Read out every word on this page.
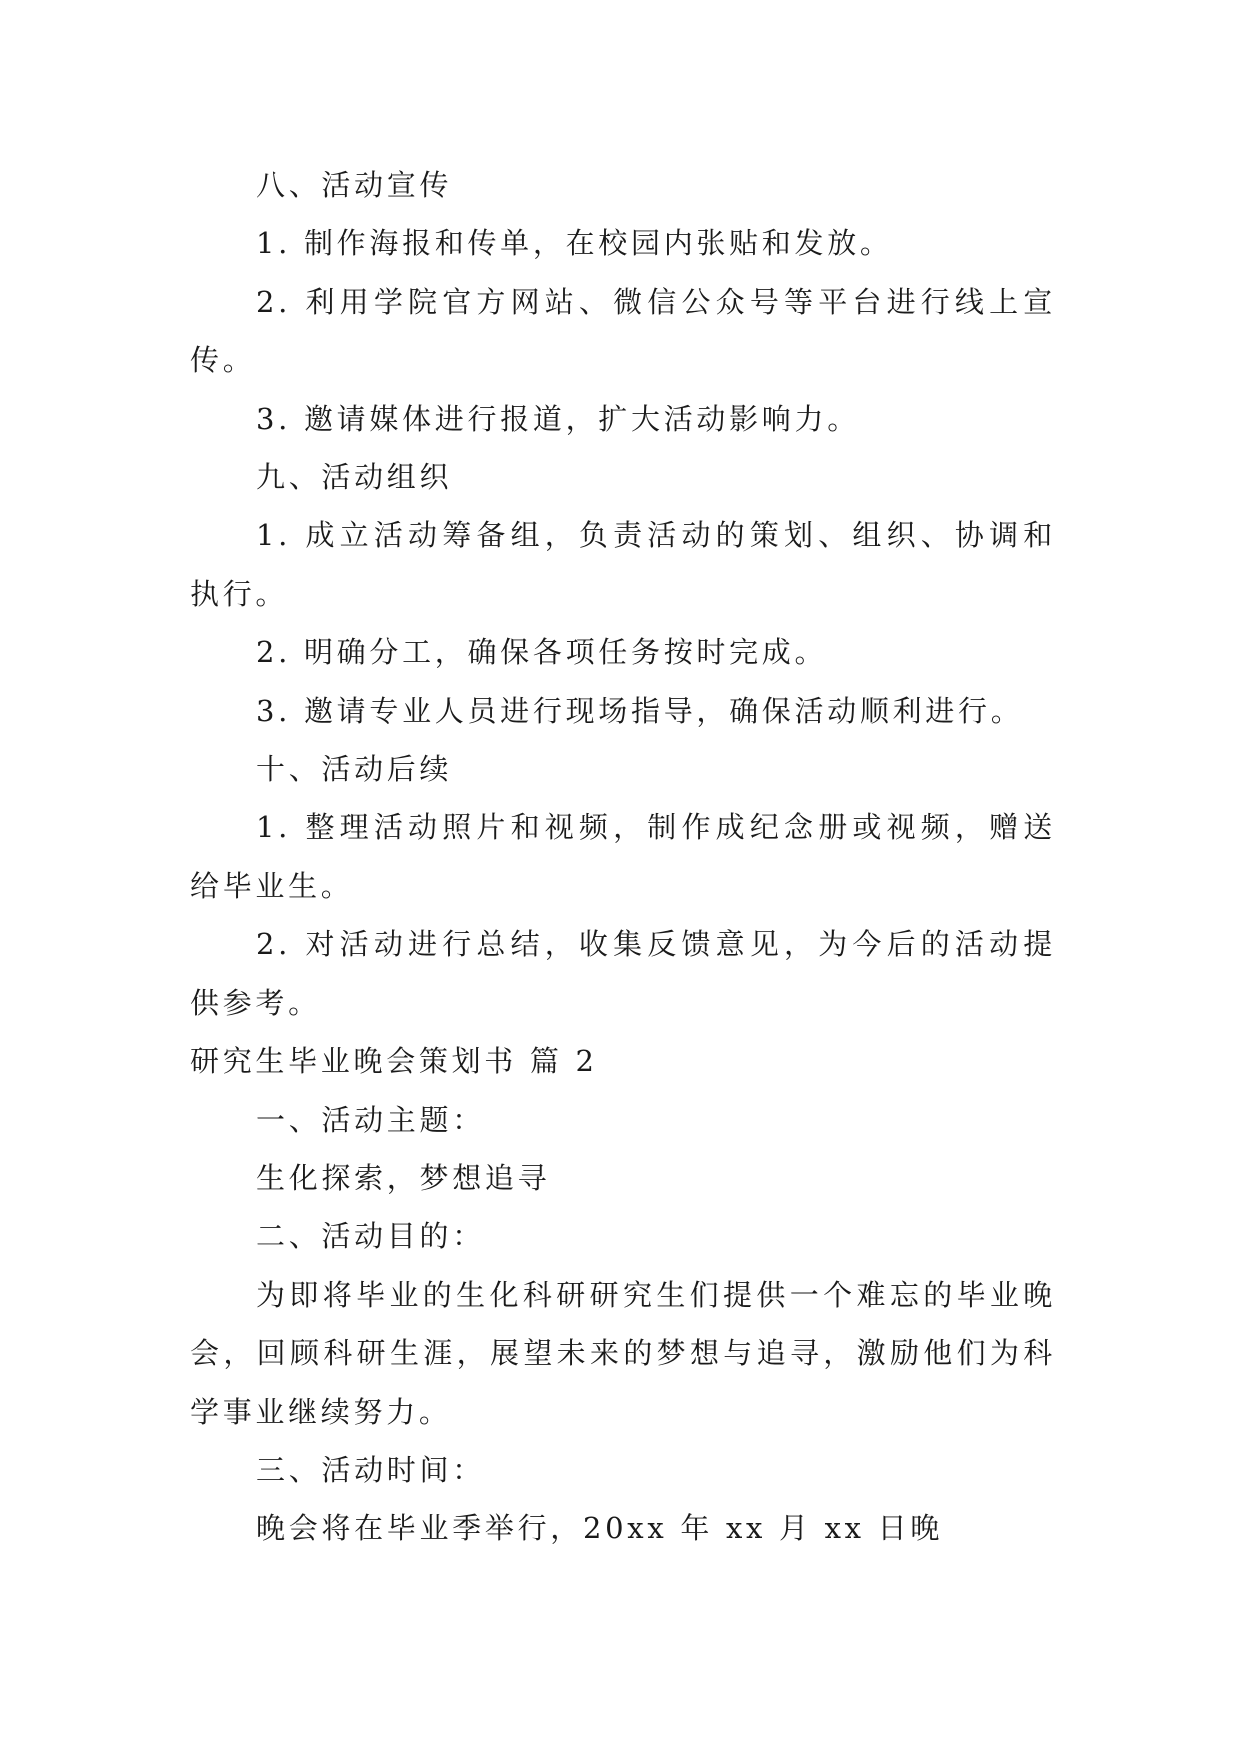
八、活动宣传

1. 制作海报和传单，在校园内张贴和发放。

2. 利用学院官方网站、微信公众号等平台进行线上宣传。

3. 邀请媒体进行报道，扩大活动影响力。

九、活动组织

1. 成立活动筹备组，负责活动的策划、组织、协调和执行。

2. 明确分工，确保各项任务按时完成。

3. 邀请专业人员进行现场指导，确保活动顺利进行。

十、活动后续

1. 整理活动照片和视频，制作成纪念册或视频，赠送给毕业生。

2. 对活动进行总结，收集反馈意见，为今后的活动提供参考。

研究生毕业晚会策划书 篇 2

一、活动主题：

生化探索，梦想追寻

二、活动目的：

为即将毕业的生化科研研究生们提供一个难忘的毕业晚会，回顾科研生涯，展望未来的梦想与追寻，激励他们为科学事业继续努力。

三、活动时间：

晚会将在毕业季举行，20xx 年 xx 月 xx 日晚
